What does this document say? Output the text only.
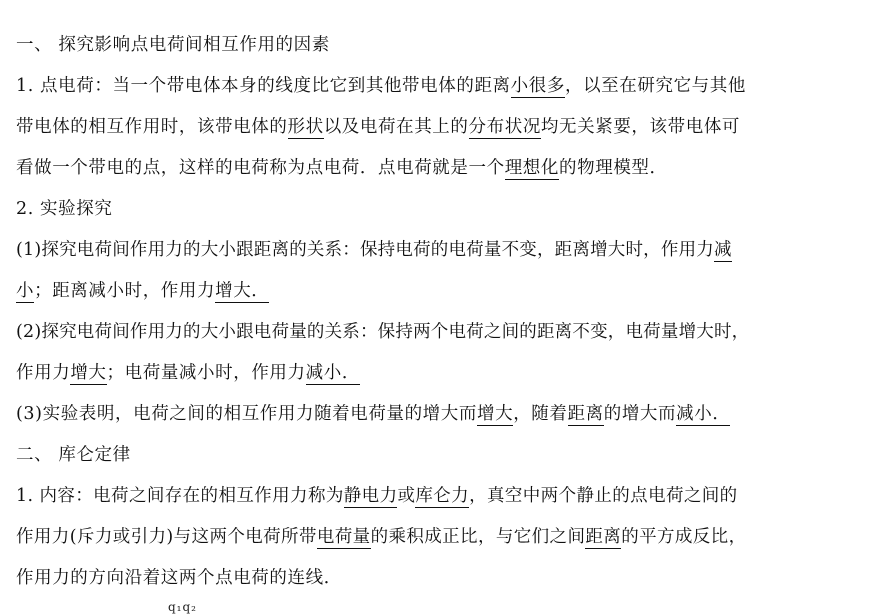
一、 探究影响点电荷间相互作用的因素
1. 点电荷：当一个带电体本身的线度比它到其他带电体的距离小很多，以至在研究它与其他
带电体的相互作用时，该带电体的形状以及电荷在其上的分布状况均无关紧要，该带电体可
看做一个带电的点，这样的电荷称为点电荷．点电荷就是一个理想化的物理模型．
2. 实验探究
(1)探究电荷间作用力的大小跟距离的关系：保持电荷的电荷量不变，距离增大时，作用力减
小；距离减小时，作用力增大．
(2)探究电荷间作用力的大小跟电荷量的关系：保持两个电荷之间的距离不变，电荷量增大时，
作用力增大；电荷量减小时，作用力减小．
(3)实验表明，电荷之间的相互作用力随着电荷量的增大而增大，随着距离的增大而减小．
二、 库仑定律
1. 内容：电荷之间存在的相互作用力称为静电力或库仑力，真空中两个静止的点电荷之间的
作用力(斥力或引力)与这两个电荷所带电荷量的乘积成正比，与它们之间距离的平方成反比，
作用力的方向沿着这两个点电荷的连线．
q₁q₂
